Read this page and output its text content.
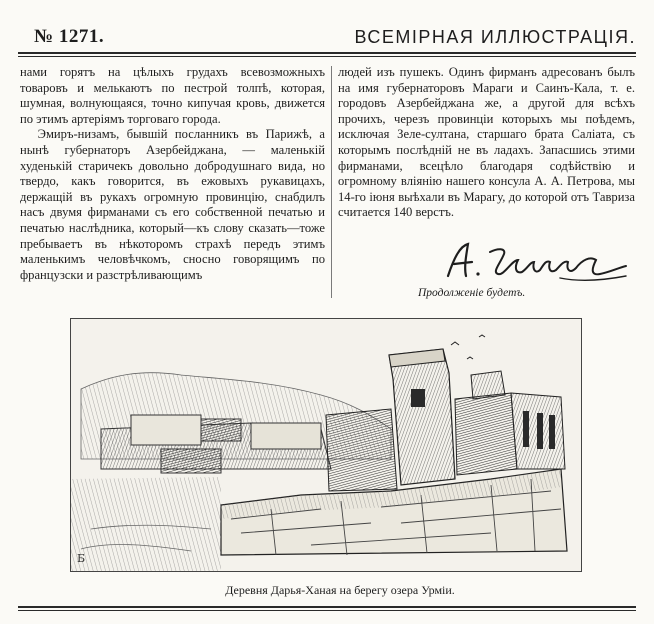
№ 1271.	ВСЕМІРНАЯ ИЛЛЮСТРАЦІЯ.

нами горятъ на цѣлыхъ грудахъ всевозможныхъ товаровъ и мелькаютъ по пестрой толпѣ, которая, шумная, волнующаяся, точно кипучая кровь, движется по этимъ артеріямъ торговаго города.

Эмиръ-низамъ, бывшій посланникъ въ Парижѣ, а нынѣ губернаторъ Азербейджана, — маленькій худенькій старичекъ довольно добродушнаго вида, но твердо, какъ говорится, въ ежовыхъ рукавицахъ, держащій въ рукахъ огромную провинцію, снабдилъ насъ двумя фирманами съ его собственной печатью и печатью наслѣдника, который—къ слову сказать—тоже пребываетъ въ нѣкоторомъ страхѣ передъ этимъ маленькимъ человѣчкомъ, сносно говорящимъ по французски и разстрѣливающимъ

людей изъ пушекъ. Одинъ фирманъ адресованъ былъ на имя губернаторовъ Мараги и Саинъ-Кала, т. е. городовъ Азербейджана же, а другой для всѣхъ прочихъ, черезъ провинціи которыхъ мы поѣдемъ, исключая Зеле-султана, старшаго брата Саліата, съ которымъ послѣдній не въ ладахъ. Запасшись этими фирманами, всецѣло благодаря содѣйствію и огромному вліянію нашего консула А. А. Петрова, мы 14-го іюня выѣхали въ Марагу, до которой отъ Тавриза считается 140 верстъ.

Продолженіе будетъ.
Б
Деревня Дарья-Ханая на берегу озера Урміи.
